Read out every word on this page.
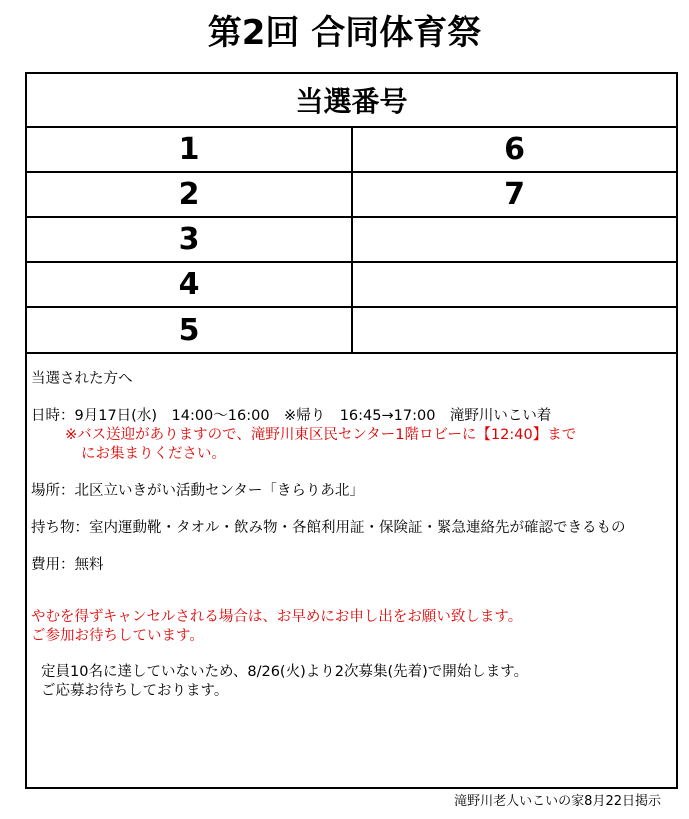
第2回 合同体育祭
当選番号
1	6
2	7
3
4
5
当選された方へ
日時：9月17日(水)　14:00～16:00　※帰り　16:45→17:00　滝野川いこい着
※バス送迎がありますので、滝野川東区民センター1階ロビーに【12:40】まで
にお集まりください。
場所：北区立いきがい活動センター「きらりあ北」
持ち物：室内運動靴・タオル・飲み物・各館利用証・保険証・緊急連絡先が確認できるもの
費用：無料
やむを得ずキャンセルされる場合は、お早めにお申し出をお願い致します。
ご参加お待ちしています。
定員10名に達していないため、8/26(火)より2次募集(先着)で開始します。
ご応募お待ちしております。
滝野川老人いこいの家8月22日掲示
